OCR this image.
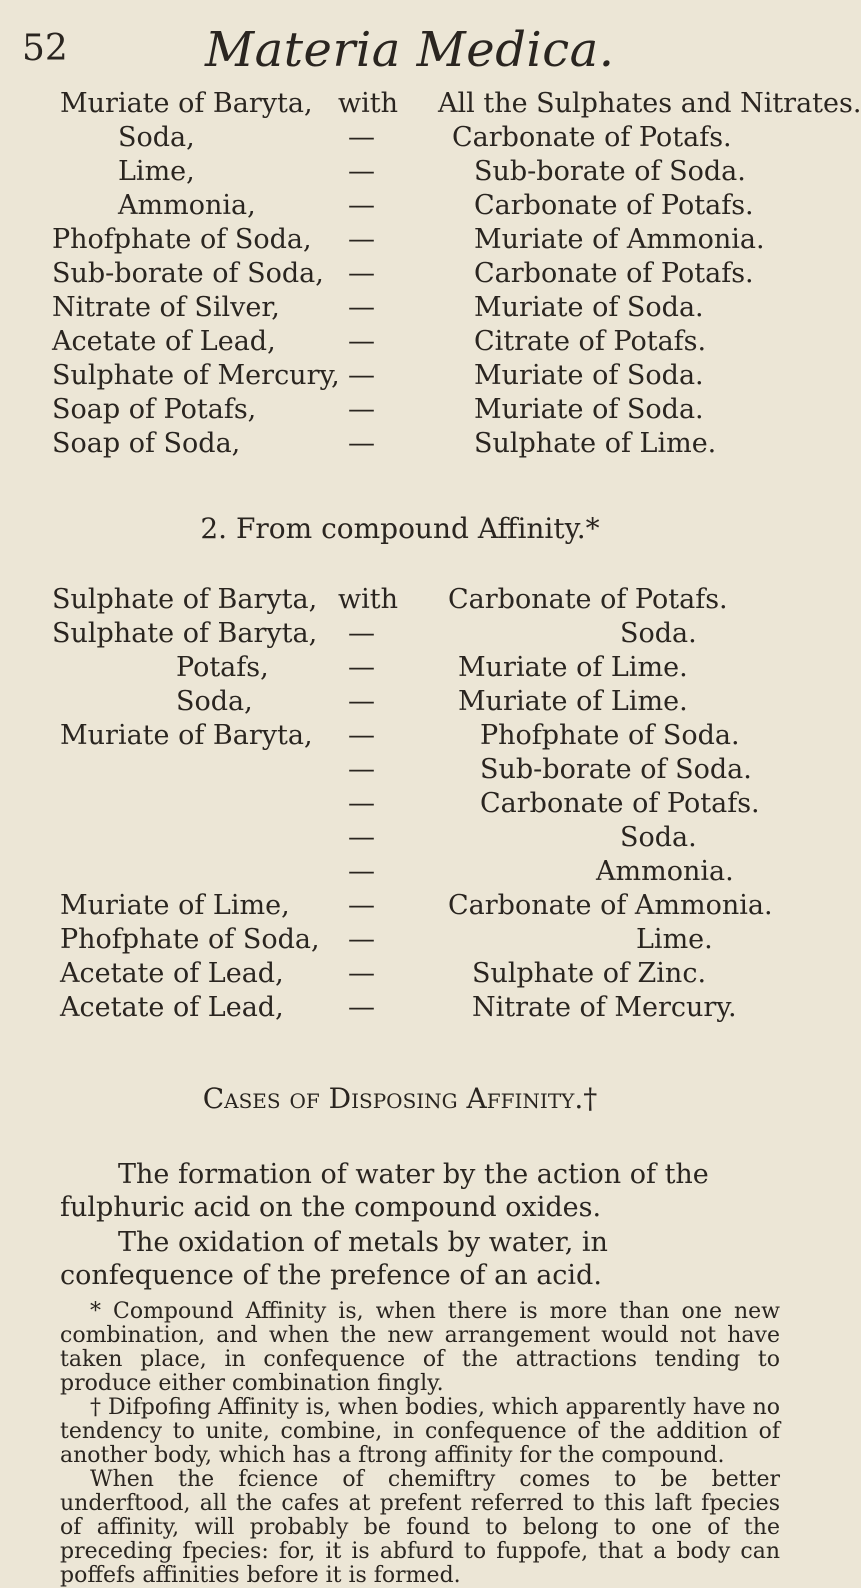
52	Materia Medica.
Muriate of Baryta, with All the Sulphates and Nitrates.
Soda,	—	Carbonate of Potafs.
Lime,	—	Sub-borate of Soda.
Ammonia,	—	Carbonate of Potafs.
Phofphate of Soda, —	Muriate of Ammonia.
Sub-borate of Soda, —	Carbonate of Potafs.
Nitrate of Silver,	—	Muriate of Soda.
Acetate of Lead,	—	Citrate of Potafs.
Sulphate of Mercury, —	Muriate of Soda.
Soap of Potafs,	—	Muriate of Soda.
Soap of Soda,	—	Sulphate of Lime.
2. From compound Affinity.*
Sulphate of Baryta, with Carbonate of Potafs.
Sulphate of Baryta, —	Soda.
Potafs,	—	Muriate of Lime.
Soda,	—	Muriate of Lime.
Muriate of Baryta, —	Phofphate of Soda.
—	Sub-borate of Soda.
—	Carbonate of Potafs.
—	Soda.
—	Ammonia.
Muriate of Lime, —	Carbonate of Ammonia.
Phofphate of Soda, —	Lime.
Acetate of Lead, —	Sulphate of Zinc.
Acetate of Lead, —	Nitrate of Mercury.
Cases of Disposing Affinity.†
The formation of water by the action of the fulphuric acid on the compound oxides.
The oxidation of metals by water, in confequence of the prefence of an acid.

* Compound Affinity is, when there is more than one new combination, and when the new arrangement would not have taken place, in confequence of the attractions tending to produce either combination fingly.

† Difpofing Affinity is, when bodies, which apparently have no tendency to unite, combine, in confequence of the addition of another body, which has a ftrong affinity for the compound.

When the fcience of chemiftry comes to be better underftood, all the cafes at prefent referred to this laft fpecies of affinity, will probably be found to belong to one of the preceding fpecies: for, it is abfurd to fuppofe, that a body can poffefs affinities before it is formed.
